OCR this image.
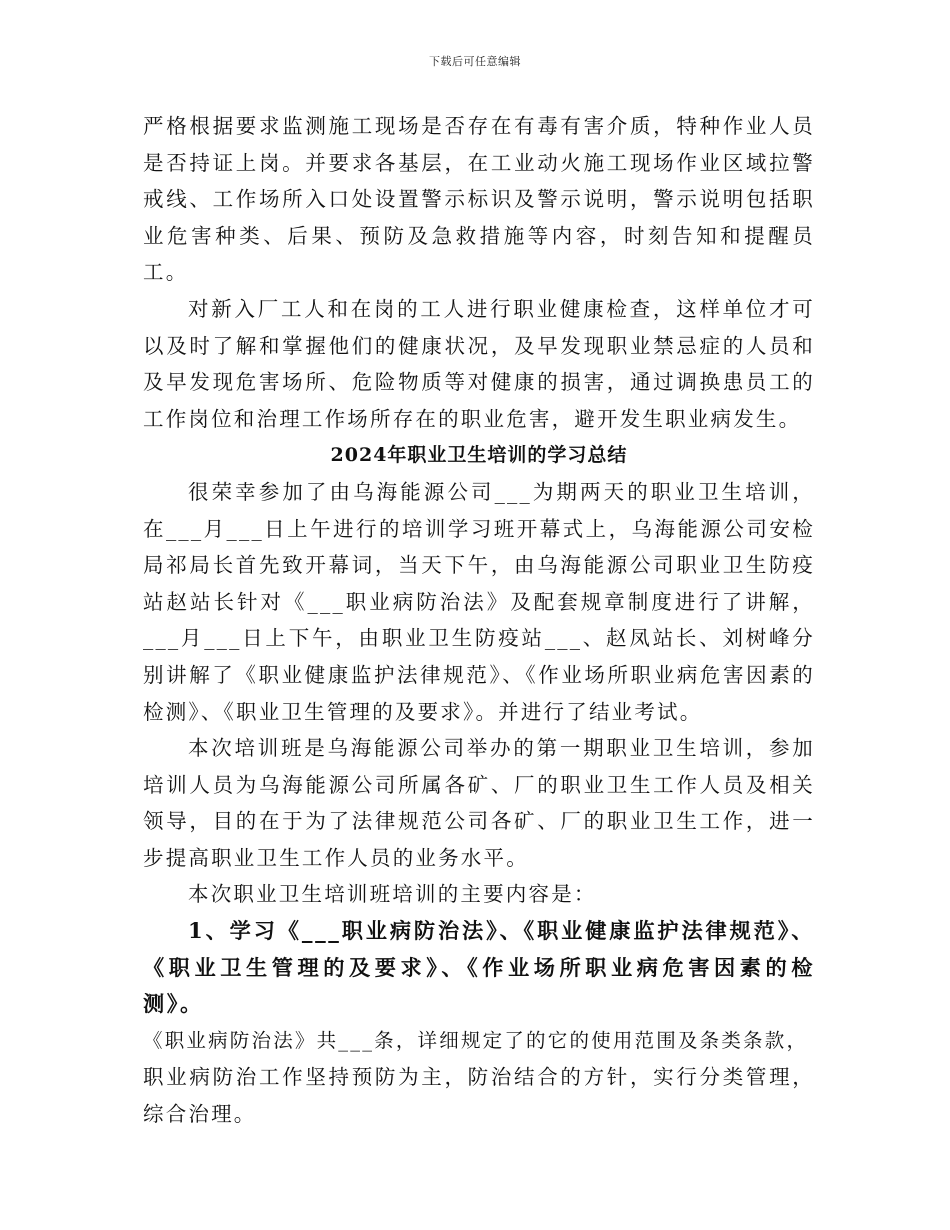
下载后可任意编辑

严格根据要求监测施工现场是否存在有毒有害介质，特种作业人员是否持证上岗。并要求各基层，在工业动火施工现场作业区域拉警戒线、工作场所入口处设置警示标识及警示说明，警示说明包括职业危害种类、后果、预防及急救措施等内容，时刻告知和提醒员工。

对新入厂工人和在岗的工人进行职业健康检查，这样单位才可以及时了解和掌握他们的健康状况，及早发现职业禁忌症的人员和及早发现危害场所、危险物质等对健康的损害，通过调换患员工的工作岗位和治理工作场所存在的职业危害，避开发生职业病发生。

2024年职业卫生培训的学习总结

很荣幸参加了由乌海能源公司___为期两天的职业卫生培训，在___月___日上午进行的培训学习班开幕式上，乌海能源公司安检局祁局长首先致开幕词，当天下午，由乌海能源公司职业卫生防疫站赵站长针对《___职业病防治法》及配套规章制度进行了讲解，___月___日上下午，由职业卫生防疫站___、赵凤站长、刘树峰分别讲解了《职业健康监护法律规范》、《作业场所职业病危害因素的检测》、《职业卫生管理的及要求》。并进行了结业考试。

本次培训班是乌海能源公司举办的第一期职业卫生培训，参加培训人员为乌海能源公司所属各矿、厂的职业卫生工作人员及相关领导，目的在于为了法律规范公司各矿、厂的职业卫生工作，进一步提高职业卫生工作人员的业务水平。

本次职业卫生培训班培训的主要内容是：

1、学习《___职业病防治法》、《职业健康监护法律规范》、《职业卫生管理的及要求》、《作业场所职业病危害因素的检测》。

《职业病防治法》共___条，详细规定了的它的使用范围及条类条款，

职业病防治工作坚持预防为主，防治结合的方针，实行分类管理，综合治理。
